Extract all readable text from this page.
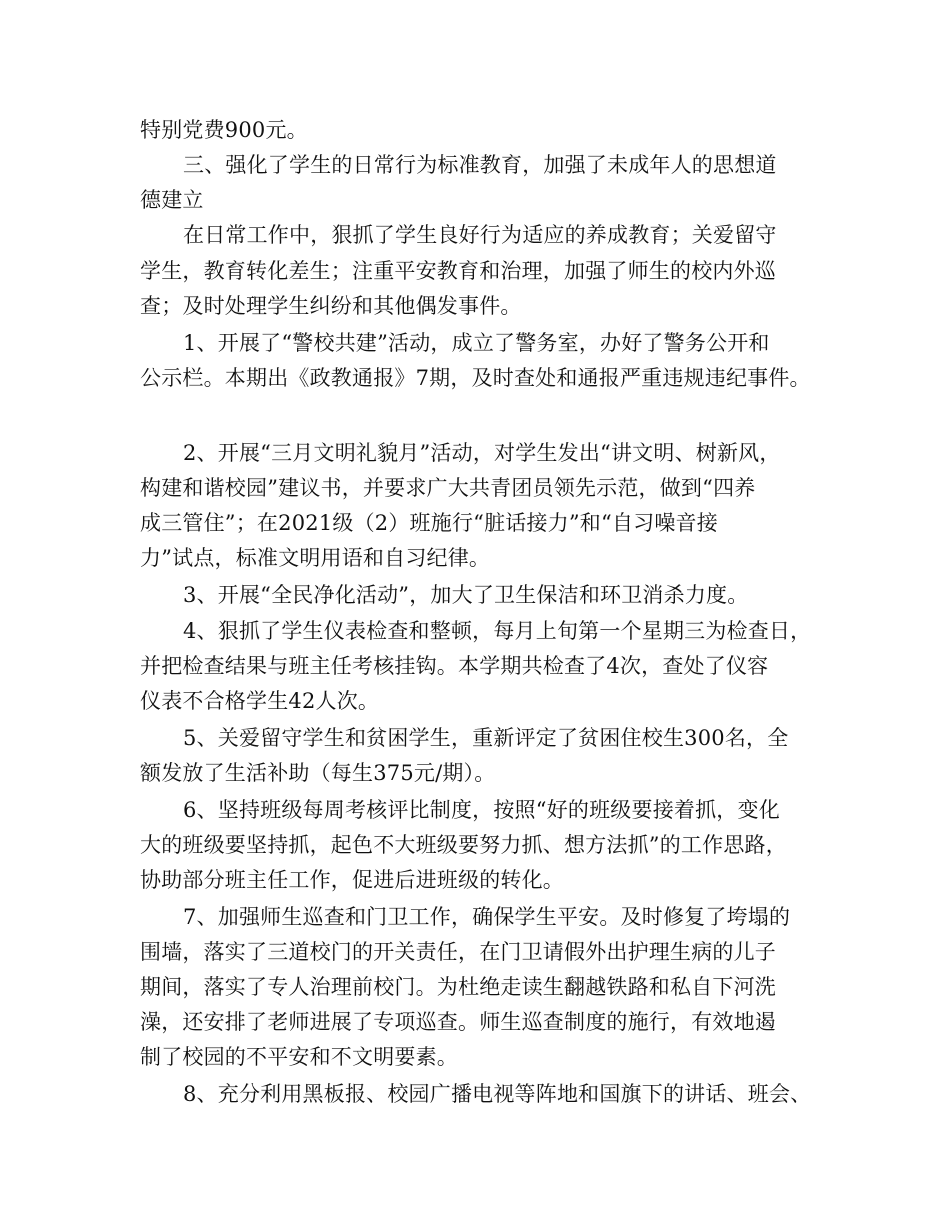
特别党费900元。
三、强化了学生的日常行为标准教育，加强了未成年人的思想道
德建立
在日常工作中，狠抓了学生良好行为适应的养成教育；关爱留守
学生，教育转化差生；注重平安教育和治理，加强了师生的校内外巡
查；及时处理学生纠纷和其他偶发事件。
1、开展了“警校共建”活动，成立了警务室，办好了警务公开和
公示栏。本期出《政教通报》7期，及时查处和通报严重违规违纪事件。
2、开展“三月文明礼貌月”活动，对学生发出“讲文明、树新风，
构建和谐校园”建议书，并要求广大共青团员领先示范，做到“四养
成三管住”；在2021级（2）班施行“脏话接力”和“自习噪音接
力”试点，标准文明用语和自习纪律。
3、开展“全民净化活动”，加大了卫生保洁和环卫消杀力度。
4、狠抓了学生仪表检查和整顿，每月上旬第一个星期三为检查日，
并把检查结果与班主任考核挂钩。本学期共检查了4次，查处了仪容
仪表不合格学生42人次。
5、关爱留守学生和贫困学生，重新评定了贫困住校生300名，全
额发放了生活补助（每生375元/期）。
6、坚持班级每周考核评比制度，按照“好的班级要接着抓，变化
大的班级要坚持抓，起色不大班级要努力抓、想方法抓”的工作思路，
协助部分班主任工作，促进后进班级的转化。
7、加强师生巡查和门卫工作，确保学生平安。及时修复了垮塌的
围墙，落实了三道校门的开关责任，在门卫请假外出护理生病的儿子
期间，落实了专人治理前校门。为杜绝走读生翻越铁路和私自下河洗
澡，还安排了老师进展了专项巡查。师生巡查制度的施行，有效地遏
制了校园的不平安和不文明要素。
8、充分利用黑板报、校园广播电视等阵地和国旗下的讲话、班会、
